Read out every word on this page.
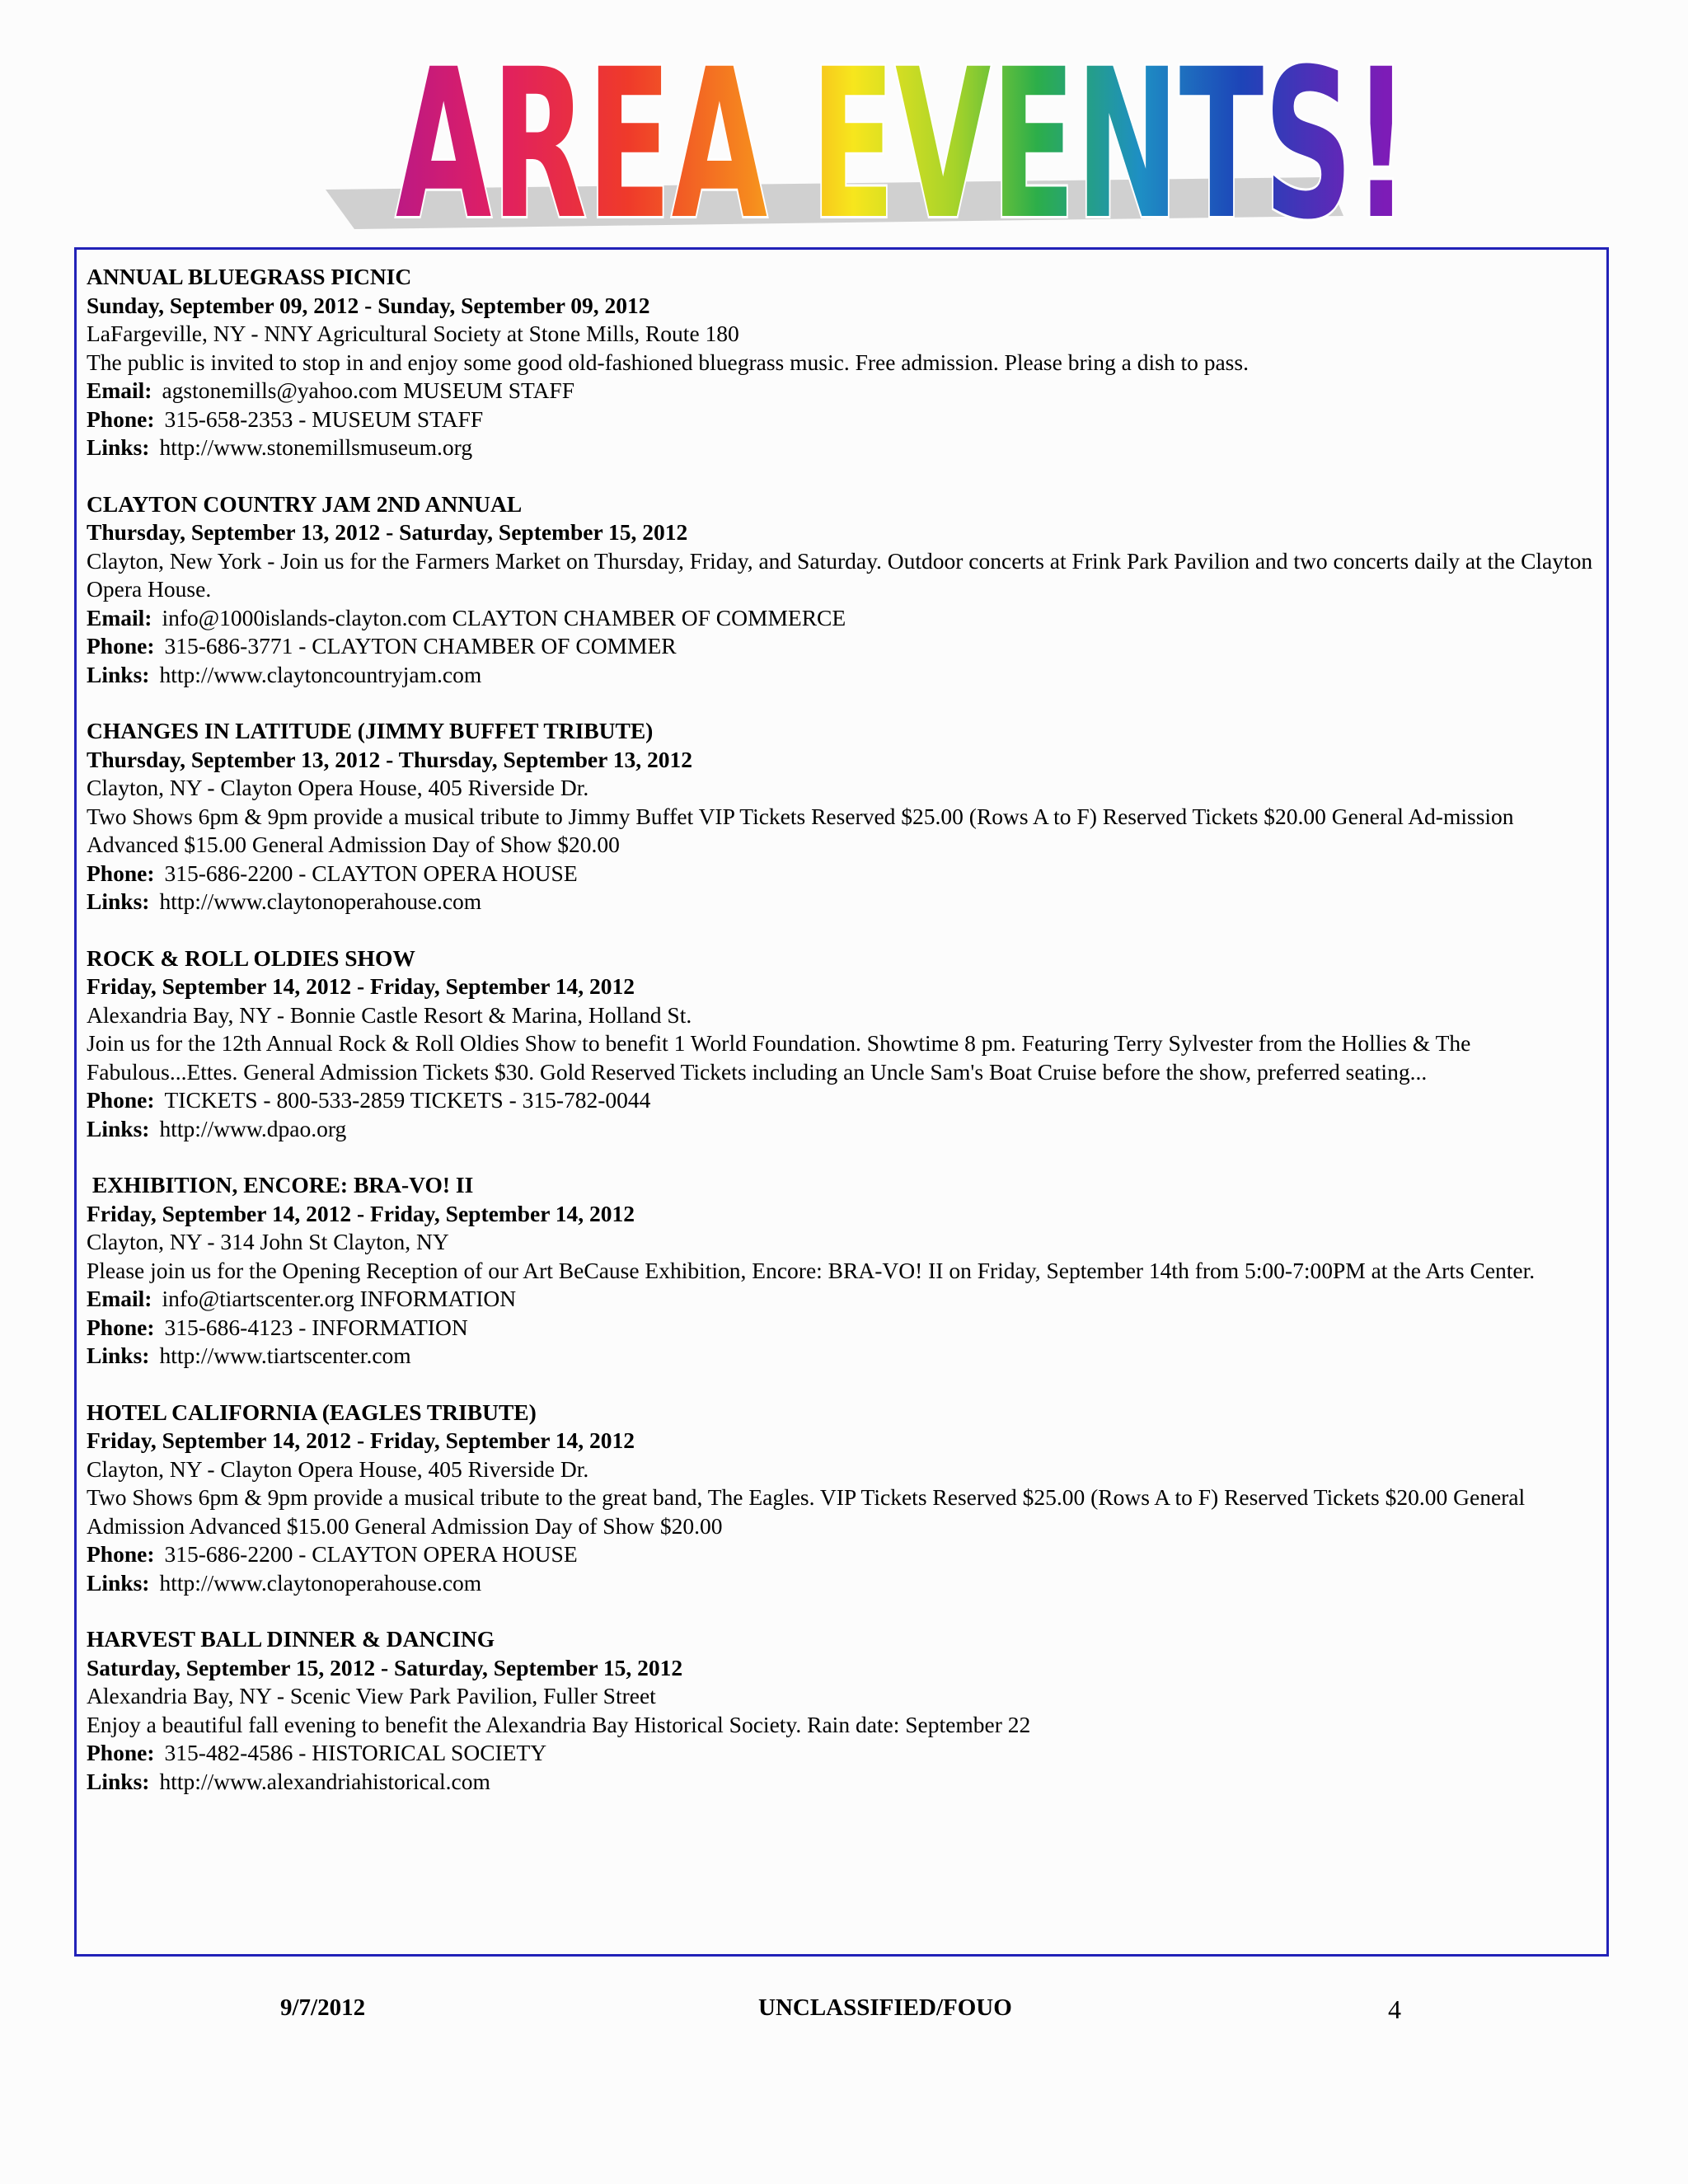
AREA EVENTS!
ANNUAL BLUEGRASS PICNIC
Sunday, September 09, 2012 - Sunday, September 09, 2012
LaFargeville, NY - NNY Agricultural Society at Stone Mills, Route 180
The public is invited to stop in and enjoy some good old-fashioned bluegrass music. Free admission. Please bring a dish to pass.
Email: agstonemills@yahoo.com MUSEUM STAFF
Phone: 315-658-2353 - MUSEUM STAFF
Links: http://www.stonemillsmuseum.org
CLAYTON COUNTRY JAM 2ND ANNUAL
Thursday, September 13, 2012 - Saturday, September 15, 2012
Clayton, New York - Join us for the Farmers Market on Thursday, Friday, and Saturday. Outdoor concerts at Frink Park Pavilion and two concerts daily at the Clayton Opera House.
Email: info@1000islands-clayton.com CLAYTON CHAMBER OF COMMERCE
Phone: 315-686-3771 - CLAYTON CHAMBER OF COMMER
Links: http://www.claytoncountryjam.com
CHANGES IN LATITUDE (JIMMY BUFFET TRIBUTE)
Thursday, September 13, 2012 - Thursday, September 13, 2012
Clayton, NY - Clayton Opera House, 405 Riverside Dr.
Two Shows 6pm & 9pm provide a musical tribute to Jimmy Buffet VIP Tickets Reserved $25.00 (Rows A to F) Reserved Tickets $20.00 General Ad-mission Advanced $15.00 General Admission Day of Show $20.00
Phone: 315-686-2200 - CLAYTON OPERA HOUSE
Links: http://www.claytonoperahouse.com
ROCK & ROLL OLDIES SHOW
Friday, September 14, 2012 - Friday, September 14, 2012
Alexandria Bay, NY - Bonnie Castle Resort & Marina, Holland St.
Join us for the 12th Annual Rock & Roll Oldies Show to benefit 1 World Foundation. Showtime 8 pm. Featuring Terry Sylvester from the Hollies & The Fabulous...Ettes. General Admission Tickets $30. Gold Reserved Tickets including an Uncle Sam's Boat Cruise before the show, preferred seating...
Phone: TICKETS - 800-533-2859 TICKETS - 315-782-0044
Links: http://www.dpao.org
EXHIBITION, ENCORE: BRA-VO! II
Friday, September 14, 2012 - Friday, September 14, 2012
Clayton, NY - 314 John St Clayton, NY
Please join us for the Opening Reception of our Art BeCause Exhibition, Encore: BRA-VO! II on Friday, September 14th from 5:00-7:00PM at the Arts Center.
Email: info@tiartscenter.org INFORMATION
Phone: 315-686-4123 - INFORMATION
Links: http://www.tiartscenter.com
HOTEL CALIFORNIA (EAGLES TRIBUTE)
Friday, September 14, 2012 - Friday, September 14, 2012
Clayton, NY - Clayton Opera House, 405 Riverside Dr.
Two Shows 6pm & 9pm provide a musical tribute to the great band, The Eagles. VIP Tickets Reserved $25.00 (Rows A to F) Reserved Tickets $20.00 General Admission Advanced $15.00 General Admission Day of Show $20.00
Phone: 315-686-2200 - CLAYTON OPERA HOUSE
Links: http://www.claytonoperahouse.com
HARVEST BALL DINNER & DANCING
Saturday, September 15, 2012 - Saturday, September 15, 2012
Alexandria Bay, NY - Scenic View Park Pavilion, Fuller Street
Enjoy a beautiful fall evening to benefit the Alexandria Bay Historical Society. Rain date: September 22
Phone: 315-482-4586 - HISTORICAL SOCIETY
Links: http://www.alexandriahistorical.com
9/7/2012	UNCLASSIFIED/FOUO	4
